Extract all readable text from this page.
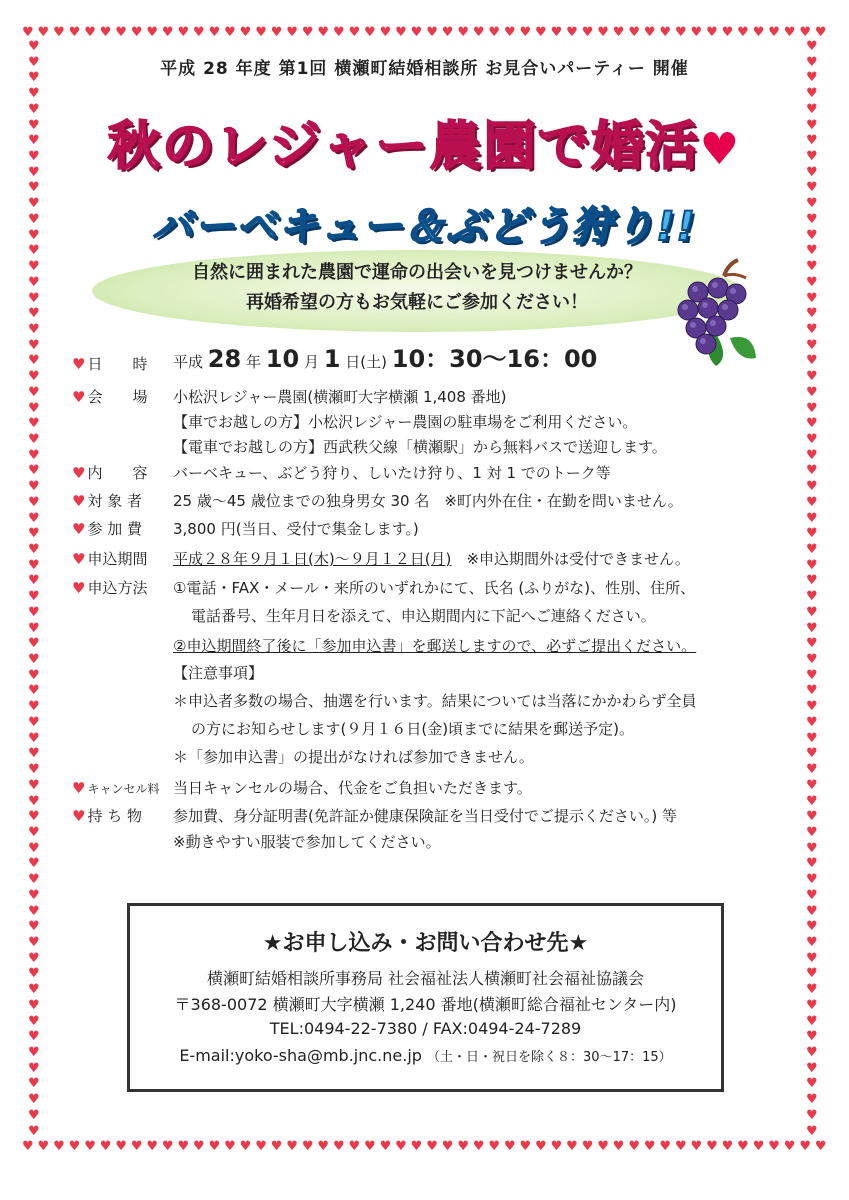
♥ ♥ ♥ ♥ ♥ ♥ ♥ ♥ ♥ ♥ ♥ ♥ ♥ ♥ ♥ ♥ ♥ ♥ ♥ ♥ ♥ ♥ ♥ ♥ ♥ ♥ ♥ ♥ ♥ ♥ ♥ ♥ ♥ ♥ ♥ ♥ ♥ ♥ ♥ ♥ ♥ ♥ ♥ ♥ ♥ ♥ ♥ ♥ ♥ ♥ ♥ ♥
♥ ♥ ♥ ♥ ♥ ♥ ♥ ♥ ♥ ♥ ♥ ♥ ♥ ♥ ♥ ♥ ♥ ♥ ♥ ♥ ♥ ♥ ♥ ♥ ♥ ♥ ♥ ♥ ♥ ♥ ♥ ♥ ♥ ♥ ♥ ♥ ♥ ♥ ♥ ♥ ♥ ♥ ♥ ♥ ♥ ♥ ♥ ♥ ♥ ♥ ♥ ♥
♥
♥
♥
♥
♥
♥
♥
♥
♥
♥
♥
♥
♥
♥
♥
♥
♥
♥
♥
♥
♥
♥
♥
♥
♥
♥
♥
♥
♥
♥
♥
♥
♥
♥
♥
♥
♥
♥
♥
♥
♥
♥
♥
♥
♥
♥
♥
♥
♥
♥
♥
♥
♥
♥
♥
♥
♥
♥
♥
♥
♥
♥
♥
♥
♥
♥
♥
♥
♥
♥
♥
♥
♥
♥
♥
♥
♥
♥
♥
♥
♥
♥
♥
♥
♥
♥
♥
♥
♥
♥
♥
♥
♥
♥
♥
♥
♥
♥
♥
♥
♥
♥
♥
♥
♥
♥
♥
♥
♥
♥
♥
♥
♥
♥
♥
♥
♥
♥
♥
♥
♥
♥
♥
♥
♥
♥
♥
♥
♥
♥
♥
♥
♥
♥
♥
♥
♥
♥
♥
♥
平成 28 年度 第1回 横瀬町結婚相談所 お見合いパーティー 開催
秋のレジャー農園で婚活♥
バーベキュー＆ぶどう狩り!!
自然に囲まれた農園で運命の出会いを見つけませんか？
再婚希望の方もお気軽にご参加ください！
♥ 日　　時 平成 28 年 10 月 1 日(土) 10：30～16：00
♥ 会　　場 小松沢レジャー農園(横瀬町大字横瀬 1,408 番地)
【車でお越しの方】小松沢レジャー農園の駐車場をご利用ください。
【電車でお越しの方】西武秩父線「横瀬駅」から無料バスで送迎します。
♥ 内　　容 バーベキュー、ぶどう狩り、しいたけ狩り、1 対 1 でのトーク等
♥ 対 象 者 25 歳～45 歳位までの独身男女 30 名　※町内外在住・在勤を問いません。
♥ 参 加 費 3,800 円(当日、受付で集金します。)
♥ 申込期間 平成２８年９月１日(木)～９月１２日(月)　 ※申込期間外は受付できません。
♥ 申込方法 ①電話・FAX・メール・来所のいずれかにて、氏名 (ふりがな)、性別、住所、
電話番号、生年月日を添えて、申込期間内に下記へご連絡ください。
②申込期間終了後に「参加申込書」を郵送しますので、必ずご提出ください。
【注意事項】
＊申込者多数の場合、抽選を行います。結果については当落にかかわらず全員
の方にお知らせします(９月１６日(金)頃までに結果を郵送予定)。
＊「参加申込書」の提出がなければ参加できません。
♥ キャンセル料 当日キャンセルの場合、代金をご負担いただきます。
♥ 持 ち 物 参加費、身分証明書(免許証か健康保険証を当日受付でご提示ください。) 等
※動きやすい服装で参加してください。
★お申し込み・お問い合わせ先★
横瀬町結婚相談所事務局 社会福祉法人横瀬町社会福祉協議会
〒368-0072 横瀬町大字横瀬 1,240 番地(横瀬町総合福祉センター内)
TEL:0494-22-7380 / FAX:0494-24-7289
E-mail:yoko-sha@mb.jnc.ne.jp （土・日・祝日を除く８：30～17：15）
